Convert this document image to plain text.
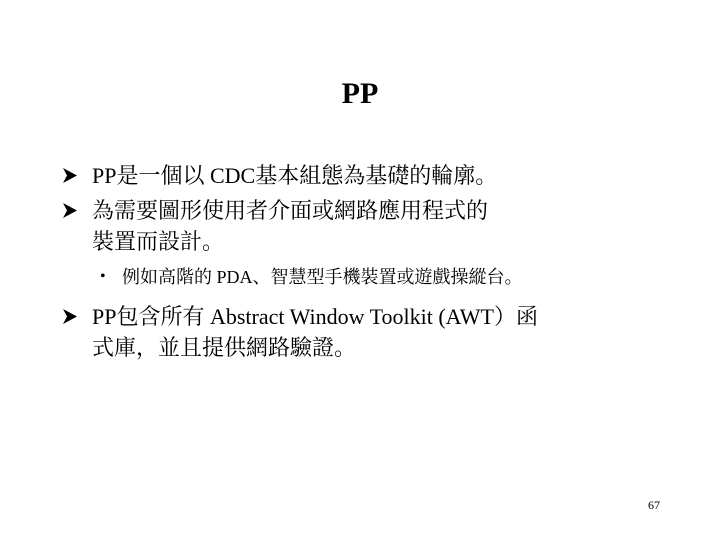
PP
PP是一個以 CDC基本組態為基礎的輪廓。
為需要圖形使用者介面或網路應用程式的
裝置而設計。
• 例如高階的 PDA、智慧型手機裝置或遊戲操縱台。
PP包含所有 Abstract Window Toolkit (AWT）函
式庫，並且提供網路驗證。
67
